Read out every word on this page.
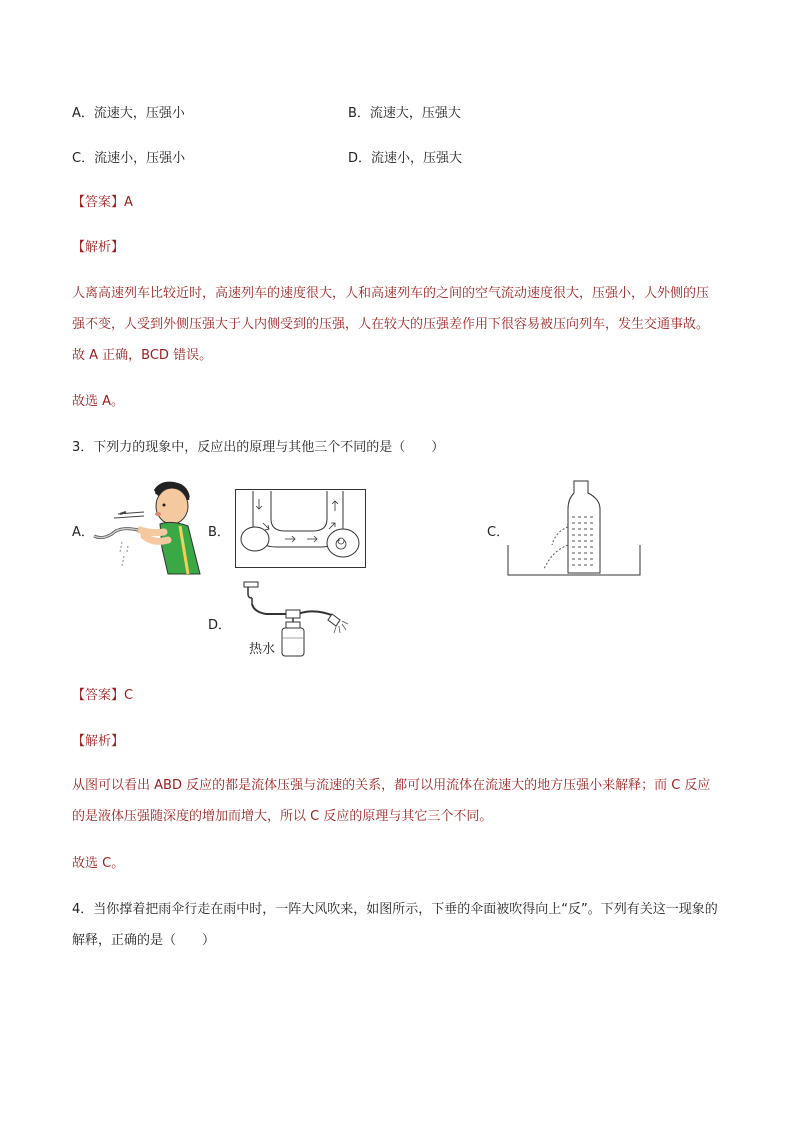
A．流速大，压强小	B．流速大，压强大
C．流速小，压强小	D．流速小，压强大
【答案】A
【解析】
人离高速列车比较近时，高速列车的速度很大，人和高速列车的之间的空气流动速度很大，压强小，人外侧的压强不变，人受到外侧压强大于人内侧受到的压强，人在较大的压强差作用下很容易被压向列车，发生交通事故。故 A 正确，BCD 错误。
故选 A。
3．下列力的现象中，反应出的原理与其他三个不同的是（　　）
A．	B．	C．
D．
热水
【答案】C
【解析】
从图可以看出 ABD 反应的都是流体压强与流速的关系，都可以用流体在流速大的地方压强小来解释；而 C 反应的是液体压强随深度的增加而增大，所以 C 反应的原理与其它三个不同。
故选 C。
4．当你撑着把雨伞行走在雨中时，一阵大风吹来，如图所示，下垂的伞面被吹得向上“反”。下列有关这一现象的解释，正确的是（　　）
